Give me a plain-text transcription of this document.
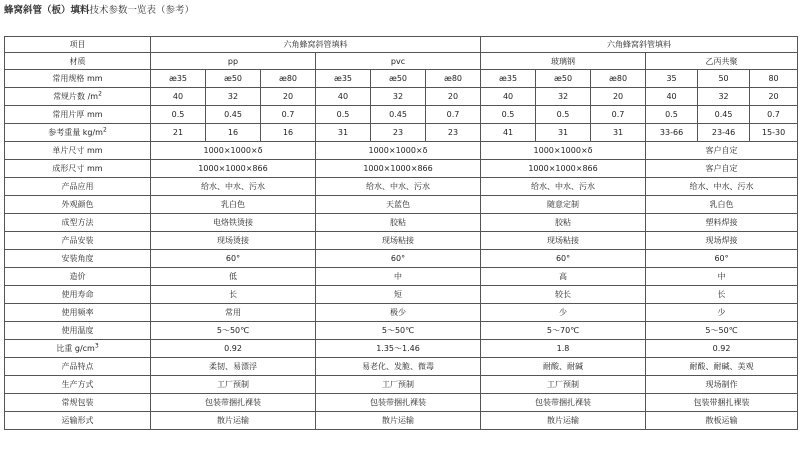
蜂窝斜管（板）填料技术参数一览表（参考）
项目	六角蜂窝斜管填料						六角蜂窝斜管填料					
材质	pp			pvc			玻璃钢			乙丙共聚		
常用规格 mm	æ35	æ50	æ80	æ35	æ50	æ80	æ35	æ50	æ80	35	50	80
常规片数 $/m^2$	40	32	20	40	32	20	40	32	20	40	32	20
常用片厚 mm	0.5	0.45	0.7	0.5	0.45	0.7	0.5	0.5	0.7	0.5	0.45	0.7
参考重量 $kg/m^2$	21	16	16	31	23	23	41	31	31	33-66	23-46	15-30
单片尺寸 mm	1000×1000×δ			1000×1000×δ			1000×1000×δ			客户自定		
成形尺寸 mm	1000×1000×866			1000×1000×866			1000×1000×866			客户自定		
产品应用	给水、中水、污水			给水、中水、污水			给水、中水、污水			给水、中水、污水		
外观颜色	乳白色			天蓝色			随意定制			乳白色		
成型方法	电烙铁烫接			胶粘			胶粘			塑料焊接		
产品安装	现场烫接			现场粘接			现场粘接			现场焊接		
安装角度	60°			60°			60°			60°		
造价	低			中			高			中		
使用寿命	长			短			较长			长		
使用频率	常用			极少			少			少		
使用温度	5～50℃			5～50℃			5～70℃			5～50℃		
比重 $g/cm^3$	0.92			1.35～1.46			1.8			0.92		
产品特点	柔韧、易漂浮			易老化、发脆、微毒			耐酸、耐碱			耐酸、耐碱、美观		
生产方式	工厂预制			工厂预制			工厂预制			现场制作		
常规包装	包装带捆扎裸装			包装带捆扎裸装			包装带捆扎裸装			包装带捆扎裸装		
运输形式	散片运输			散片运输			散片运输			散板运输		
